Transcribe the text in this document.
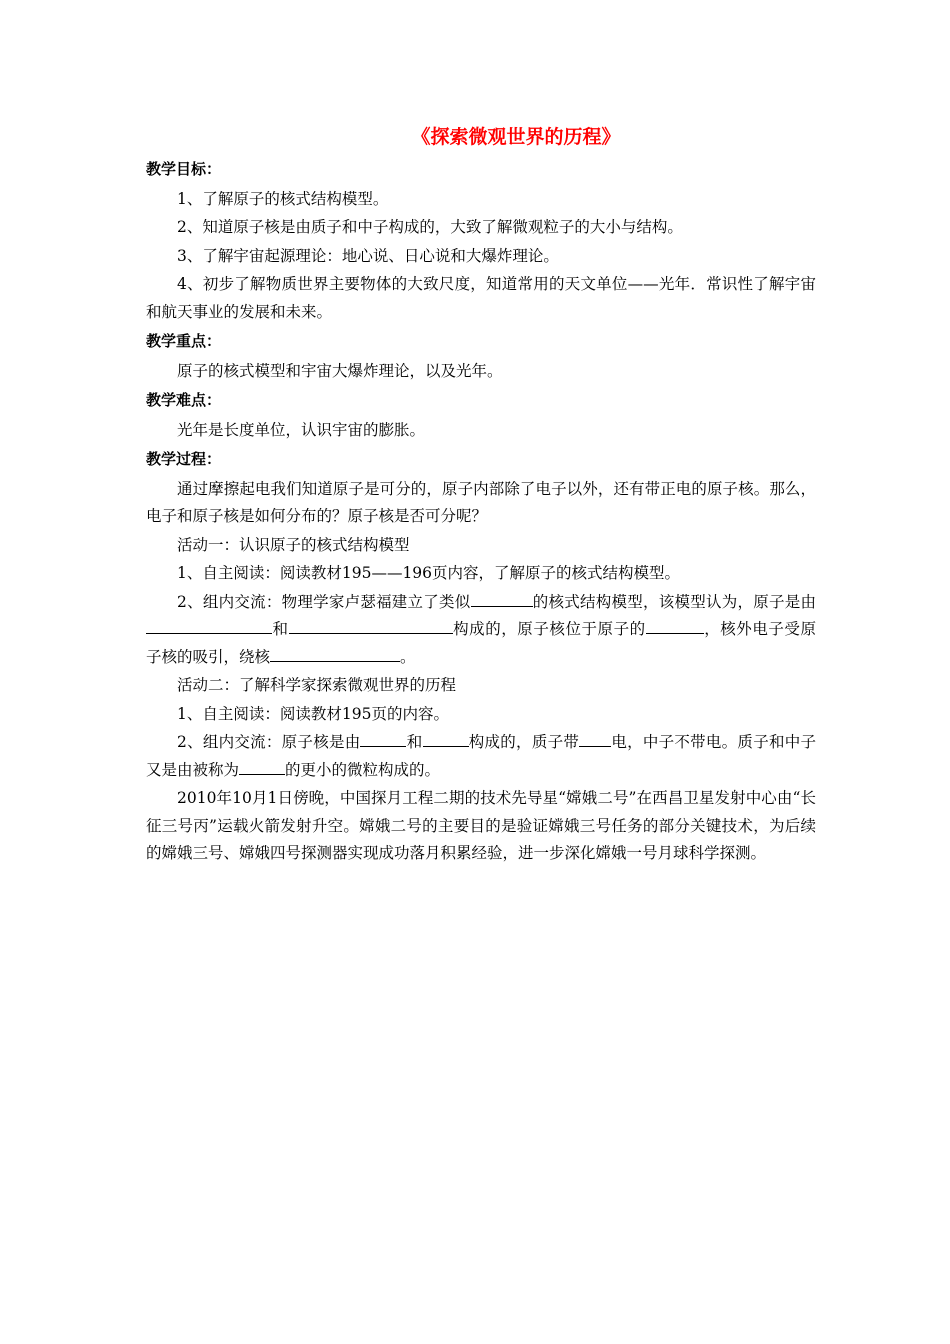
《探索微观世界的历程》
教学目标：
1、了解原子的核式结构模型。
2、知道原子核是由质子和中子构成的，大致了解微观粒子的大小与结构。
3、了解宇宙起源理论：地心说、日心说和大爆炸理论。
4、初步了解物质世界主要物体的大致尺度，知道常用的天文单位——光年．常识性了解宇宙和航天事业的发展和未来。
教学重点：
原子的核式模型和宇宙大爆炸理论，以及光年。
教学难点：
光年是长度单位，认识宇宙的膨胀。
教学过程：
通过摩擦起电我们知道原子是可分的，原子内部除了电子以外，还有带正电的原子核。那么，电子和原子核是如何分布的？原子核是否可分呢？
活动一：认识原子的核式结构模型
1、自主阅读：阅读教材195——196页内容，了解原子的核式结构模型。
2、组内交流：物理学家卢瑟福建立了类似	的核式结构模型，该模型认为，原子是由和	构成的，原子核位于原子的	，核外电子受原子核的吸引，绕核	。
活动二：了解科学家探索微观世界的历程
1、自主阅读：阅读教材195页的内容。
2、组内交流：原子核是由	和	构成的，质子带 电，中子不带电。质子和中子又是由被称为	的更小的微粒构成的。
2010年10月1日傍晚，中国探月工程二期的技术先导星“嫦娥二号”在西昌卫星发射中心由“长征三号丙”运载火箭发射升空。嫦娥二号的主要目的是验证嫦娥三号任务的部分关键技术，为后续的嫦娥三号、嫦娥四号探测器实现成功落月积累经验，进一步深化嫦娥一号月球科学探测。
